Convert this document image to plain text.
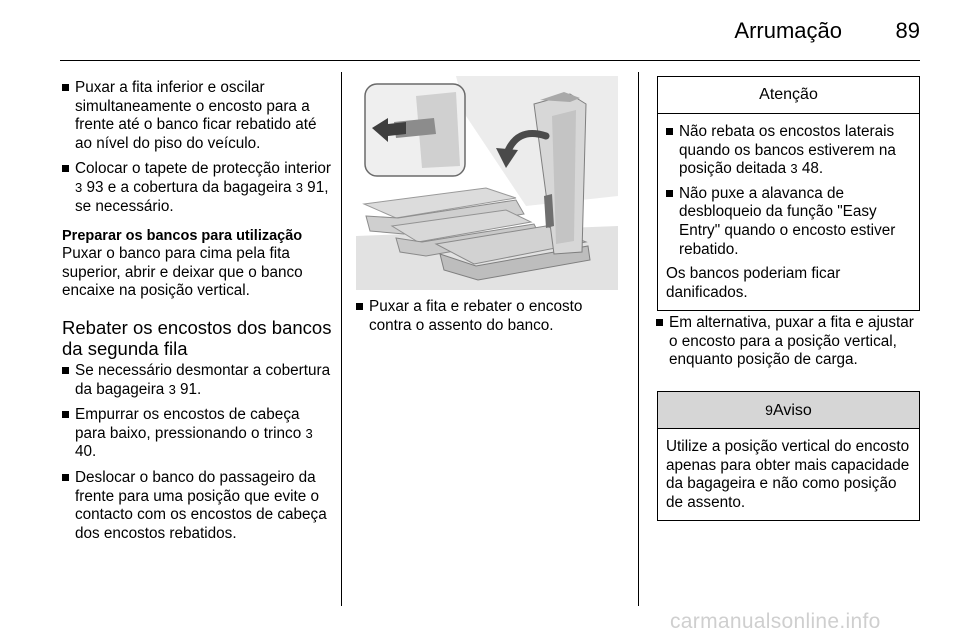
Arrumação	89
Puxar a fita inferior e oscilar simultaneamente o encosto para a frente até o banco ficar rebatido até ao nível do piso do veículo.
Colocar o tapete de protecção interior 3 93 e a cobertura da bagageira 3 91, se necessário.

Preparar os bancos para utilização

Puxar o banco para cima pela fita superior, abrir e deixar que o banco encaixe na posição vertical.

Rebater os encostos dos bancos da segunda fila
Se necessário desmontar a cobertura da bagageira 3 91.
Empurrar os encostos de cabeça para baixo, pressionando o trinco 3 40.
Deslocar o banco do passageiro da frente para uma posição que evite o contacto com os encostos de cabeça dos encostos rebatidos.
Puxar a fita e rebater o encosto contra o assento do banco.
Atenção
Não rebata os encostos laterais quando os bancos estiverem na posição deitada 3 48.
Não puxe a alavanca de desbloqueio da função "Easy Entry" quando o encosto estiver rebatido.

Os bancos poderiam ficar danificados.

Em alternativa, puxar a fita e ajustar o encosto para a posição vertical, enquanto posição de carga.
9Aviso

Utilize a posição vertical do encosto apenas para obter mais capacidade da bagageira e não como posição de assento.

carmanualsonline.info
